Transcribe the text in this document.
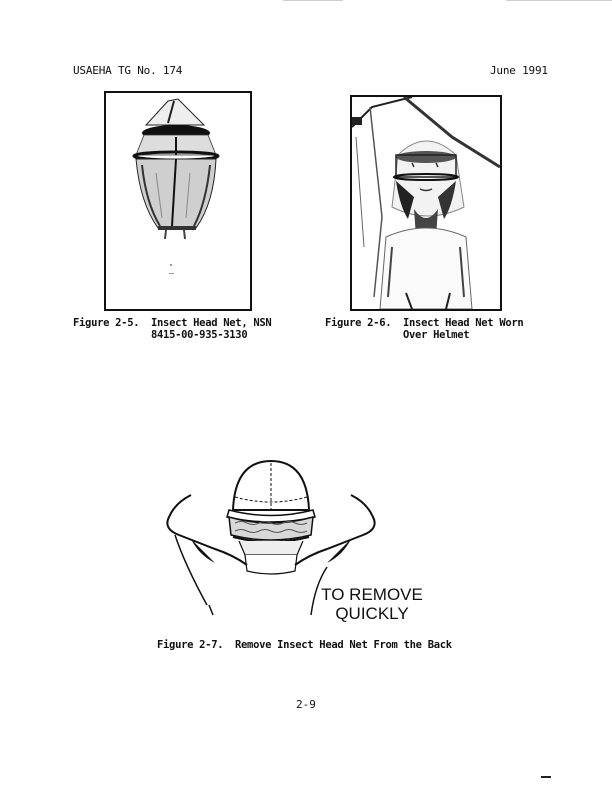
USAEHA TG No. 174	June 1991
Figure 2-5. Insect Head Net, NSN
8415-00-935-3130
Figure 2-6. Insect Head Net Worn
Over Helmet
TO REMOVE
QUICKLY
Figure 2-7. Remove Insect Head Net From the Back
2-9
